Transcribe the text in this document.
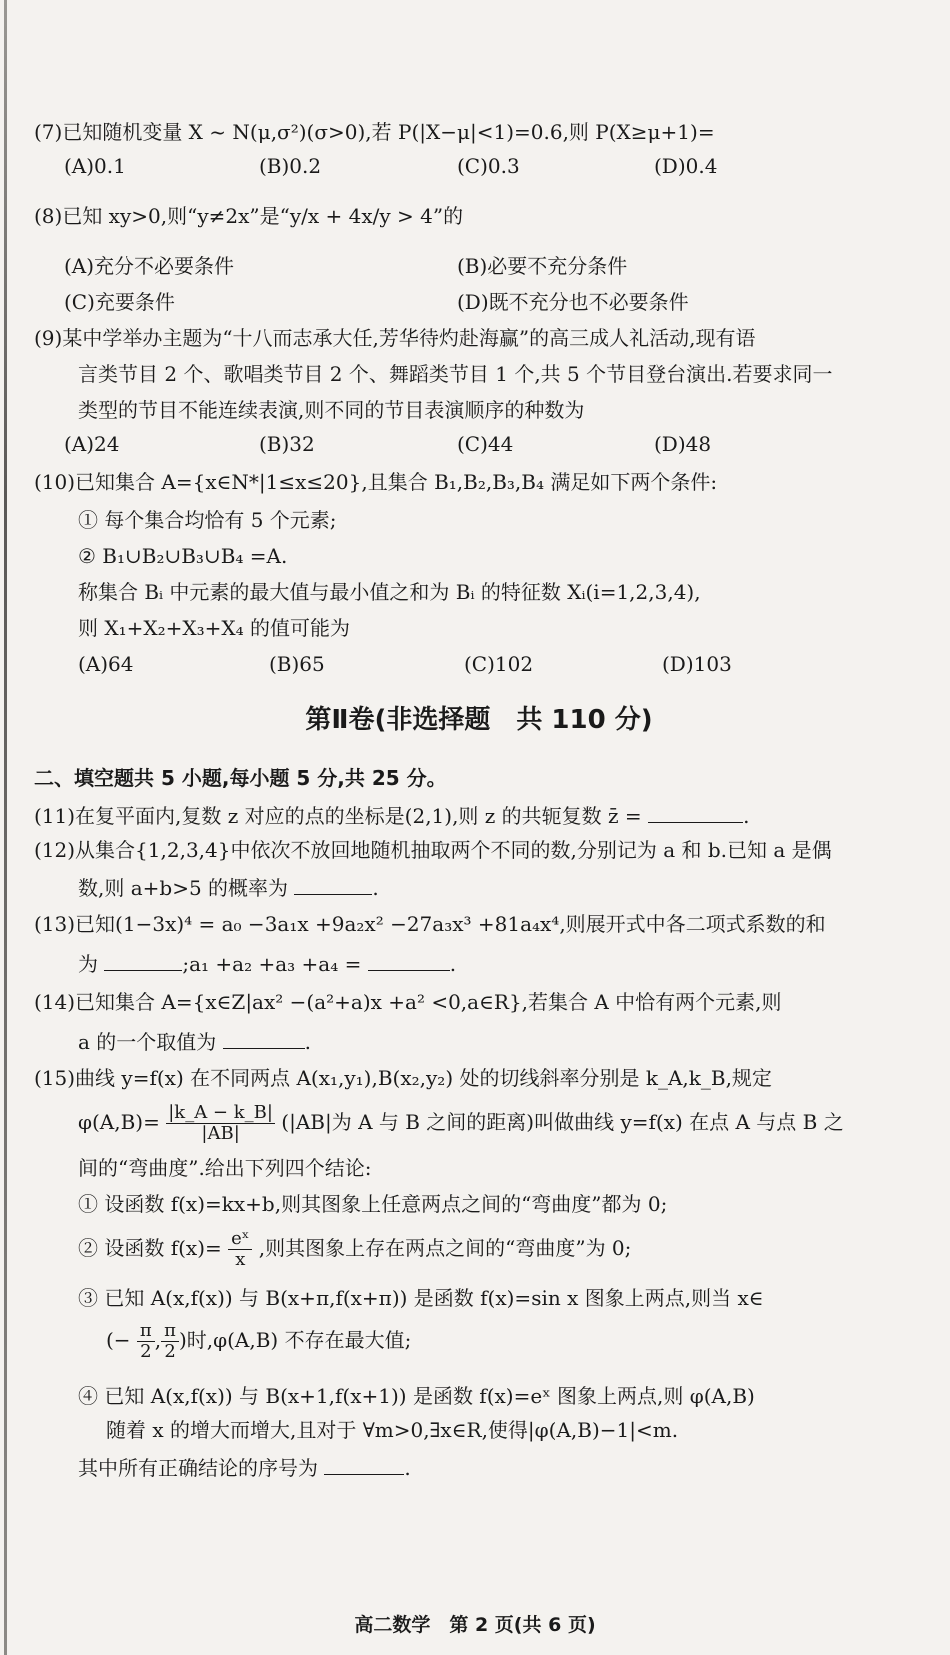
(7)已知随机变量 X ~ N(μ,σ²)(σ>0),若 P(|X−μ|<1)=0.6,则 P(X≥μ+1)=
(A)0.1	(B)0.2	(C)0.3	(D)0.4
(8)已知 xy>0,则“y≠2x”是“y/x + 4x/y > 4”的
(A)充分不必要条件	(B)必要不充分条件
(C)充要条件	(D)既不充分也不必要条件
(9)某中学举办主题为“十八而志承大任,芳华待灼赴海赢”的高三成人礼活动,现有语
言类节目 2 个、歌唱类节目 2 个、舞蹈类节目 1 个,共 5 个节目登台演出.若要求同一
类型的节目不能连续表演,则不同的节目表演顺序的种数为
(A)24	(B)32	(C)44	(D)48
(10)已知集合 A={x∈N*|1≤x≤20},且集合 B₁,B₂,B₃,B₄ 满足如下两个条件:
① 每个集合均恰有 5 个元素;
② B₁∪B₂∪B₃∪B₄ =A.
称集合 Bᵢ 中元素的最大值与最小值之和为 Bᵢ 的特征数 Xᵢ(i=1,2,3,4),
则 X₁+X₂+X₃+X₄ 的值可能为
(A)64	(B)65	(C)102	(D)103
第Ⅱ卷(非选择题　共 110 分)
二、填空题共 5 小题,每小题 5 分,共 25 分。
(11)在复平面内,复数 z 对应的点的坐标是(2,1),则 z 的共轭复数 z̄ =	.
(12)从集合{1,2,3,4}中依次不放回地随机抽取两个不同的数,分别记为 a 和 b.已知 a 是偶
数,则 a+b>5 的概率为	.
(13)已知(1−3x)⁴ = a₀ −3a₁x +9a₂x² −27a₃x³ +81a₄x⁴,则展开式中各二项式系数的和
为	;a₁ +a₂ +a₃ +a₄ =	.
(14)已知集合 A={x∈Z|ax² −(a²+a)x +a² <0,a∈R},若集合 A 中恰有两个元素,则
a 的一个取值为	.
(15)曲线 y=f(x) 在不同两点 A(x₁,y₁),B(x₂,y₂) 处的切线斜率分别是 k_A,k_B,规定
$\varphi(A,B)= \frac{|k\_A - k\_B|}{|AB|} (|AB|$为 A 与 B 之间的距离)叫做曲线 y=f(x) 在点 A 与点 B 之
间的“弯曲度”.给出下列四个结论:
① 设函数 f(x)=kx+b,则其图象上任意两点之间的“弯曲度”都为 0;
② 设函数 $f(x)= \frac{\text{eˣ}}{x}$ ,则其图象上存在两点之间的“弯曲度”为 0;
③ 已知 A(x,f(x)) 与 B(x+π,f(x+π)) 是函数 f(x)=sin x 图象上两点,则当 x∈
(− $\frac{\pi}{2}$ , $\frac{\pi}{2}$ )时,φ(A,B) 不存在最大值;
④ 已知 A(x,f(x)) 与 B(x+1,f(x+1)) 是函数 f(x)=eˣ 图象上两点,则 φ(A,B)
随着 x 的增大而增大,且对于 ∀m>0,∃x∈R,使得|φ(A,B)−1|<m.
其中所有正确结论的序号为	.
高二数学　第 2 页(共 6 页)
